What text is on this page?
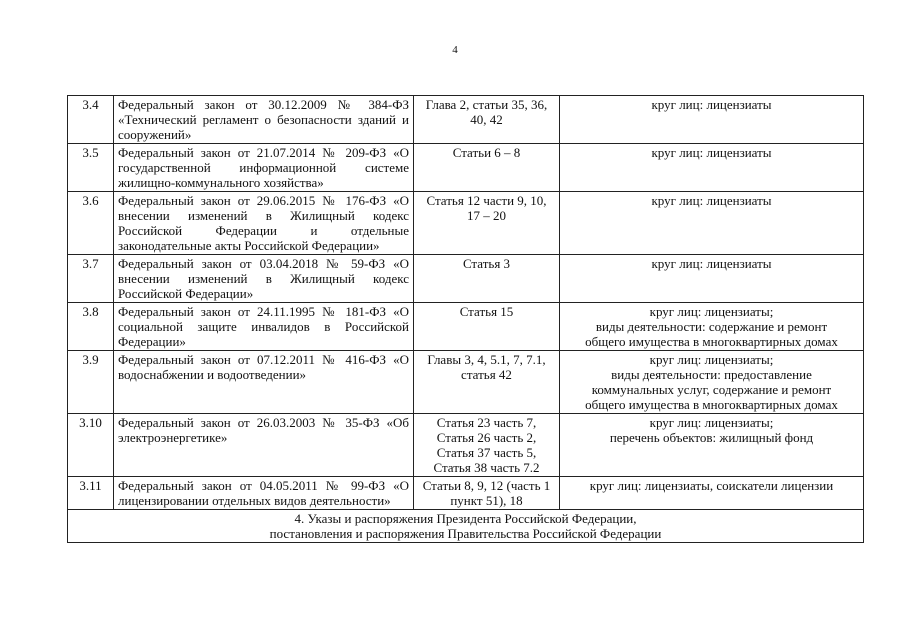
4
3.4	Федеральный закон от 30.12.2009 № 384-ФЗ «Технический регламент о безопасности зданий и сооружений»	Глава 2, статьи 35, 36,
40, 42	круг лиц: лицензиаты

3.5	Федеральный закон от 21.07.2014 № 209-ФЗ «О государственной информационной системе жилищно-коммунального хозяйства»	Статьи 6 – 8	круг лиц: лицензиаты

3.6	Федеральный закон от 29.06.2015 № 176-ФЗ «О внесении изменений в Жилищный кодекс Российской Федерации и отдельные законодательные акты Российской Федерации»	Статья 12 части 9, 10,
17 – 20	круг лиц: лицензиаты

3.7	Федеральный закон от 03.04.2018 № 59-ФЗ «О внесении изменений в Жилищный кодекс Российской Федерации»	Статья 3	круг лиц: лицензиаты

3.8	Федеральный закон от 24.11.1995 № 181-ФЗ «О социальной защите инвалидов в Российской Федерации»	Статья 15	круг лиц: лицензиаты;
виды деятельности: содержание и ремонт
общего имущества в многоквартирных домах

3.9	Федеральный закон от 07.12.2011 № 416-ФЗ «О водоснабжении и водоотведении»	Главы 3, 4, 5.1, 7, 7.1,
статья 42	круг лиц: лицензиаты;
виды деятельности: предоставление
коммунальных услуг, содержание и ремонт
общего имущества в многоквартирных домах

3.10	Федеральный закон от 26.03.2003 № 35-ФЗ «Об электроэнергетике»	Статья 23 часть 7,
Статья 26 часть 2,
Статья 37 часть 5,
Статья 38 часть 7.2	круг лиц: лицензиаты;
перечень объектов: жилищный фонд

3.11	Федеральный закон от 04.05.2011 № 99-ФЗ «О лицензировании отдельных видов деятельности»	Статьи 8, 9, 12 (часть 1
пункт 51), 18	круг лиц: лицензиаты, соискатели лицензии

4. Указы и распоряжения Президента Российской Федерации,
постановления и распоряжения Правительства Российской Федерации			
